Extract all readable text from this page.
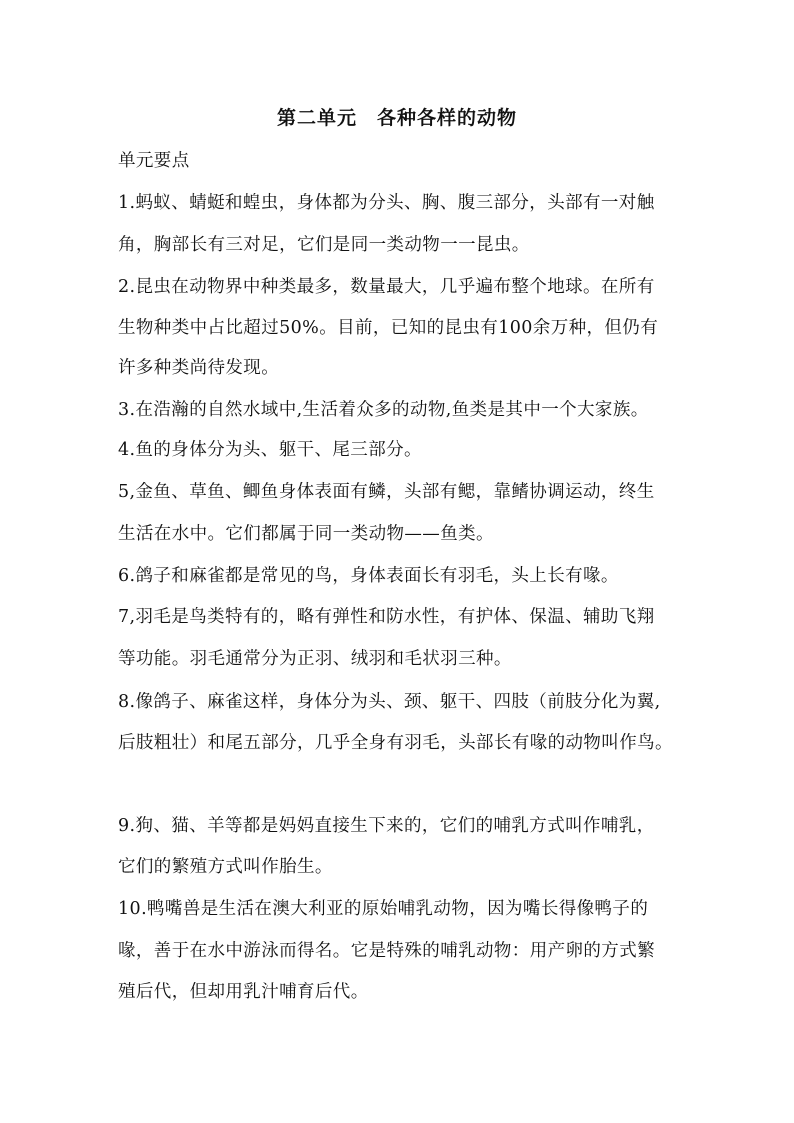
第二单元　各种各样的动物
单元要点
1.蚂蚁、蜻蜓和蝗虫，身体都为分头、胸、腹三部分，头部有一对触
角，胸部长有三对足，它们是同一类动物一一昆虫。
2.昆虫在动物界中种类最多，数量最大，几乎遍布整个地球。在所有
生物种类中占比超过50%。目前，已知的昆虫有100余万种，但仍有
许多种类尚待发现。
3.在浩瀚的自然水域中,生活着众多的动物,鱼类是其中一个大家族。
4.鱼的身体分为头、躯干、尾三部分。
5,金鱼、草鱼、鲫鱼身体表面有鳞，头部有鳃，靠鳍协调运动，终生
生活在水中。它们都属于同一类动物——鱼类。
6.鸽子和麻雀都是常见的鸟，身体表面长有羽毛，头上长有喙。
7,羽毛是鸟类特有的，略有弹性和防水性，有护体、保温、辅助飞翔
等功能。羽毛通常分为正羽、绒羽和毛状羽三种。
8.像鸽子、麻雀这样，身体分为头、颈、躯干、四肢（前肢分化为翼,
后肢粗壮）和尾五部分，几乎全身有羽毛，头部长有喙的动物叫作鸟。
9.狗、猫、羊等都是妈妈直接生下来的，它们的哺乳方式叫作哺乳，
它们的繁殖方式叫作胎生。
10.鸭嘴兽是生活在澳大利亚的原始哺乳动物，因为嘴长得像鸭子的
喙，善于在水中游泳而得名。它是特殊的哺乳动物：用产卵的方式繁
殖后代，但却用乳汁哺育后代。
